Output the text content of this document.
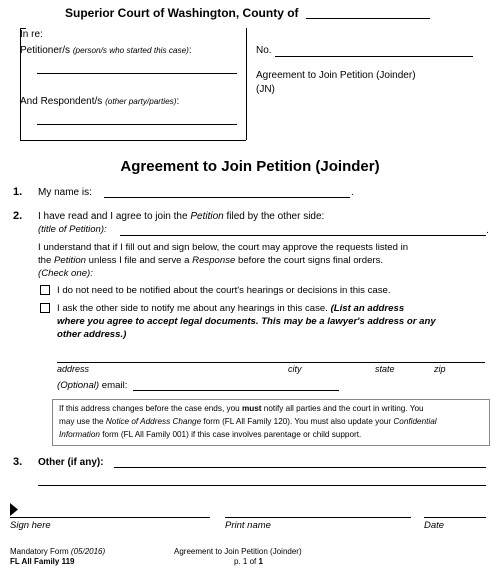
Superior Court of Washington, County of
In re:
Petitioner/s (person/s who started this case):
And Respondent/s (other party/parties):
No.
Agreement to Join Petition (Joinder)
(JN)
Agreement to Join Petition (Joinder)
1. My name is:	.
2. I have read and I agree to join the Petition filed by the other side:
(title of Petition):	.
I understand that if I fill out and sign below, the court may approve the requests listed in
the Petition unless I file and serve a Response before the court signs final orders.
(Check one):
I do not need to be notified about the court's hearings or decisions in this case.
I ask the other side to notify me about any hearings in this case. (List an address
where you agree to accept legal documents. This may be a lawyer's address or any
other address.)
address	city	state	zip
(Optional) email:
If this address changes before the case ends, you must notify all parties and the court in writing. You
may use the Notice of Address Change form (FL All Family 120). You must also update your Confidential
Information form (FL All Family 001) if this case involves parentage or child support.
3. Other (if any):
Sign here	Print name	Date
Mandatory Form (05/2016)
FL All Family 119
Agreement to Join Petition (Joinder)
p. 1 of 1
